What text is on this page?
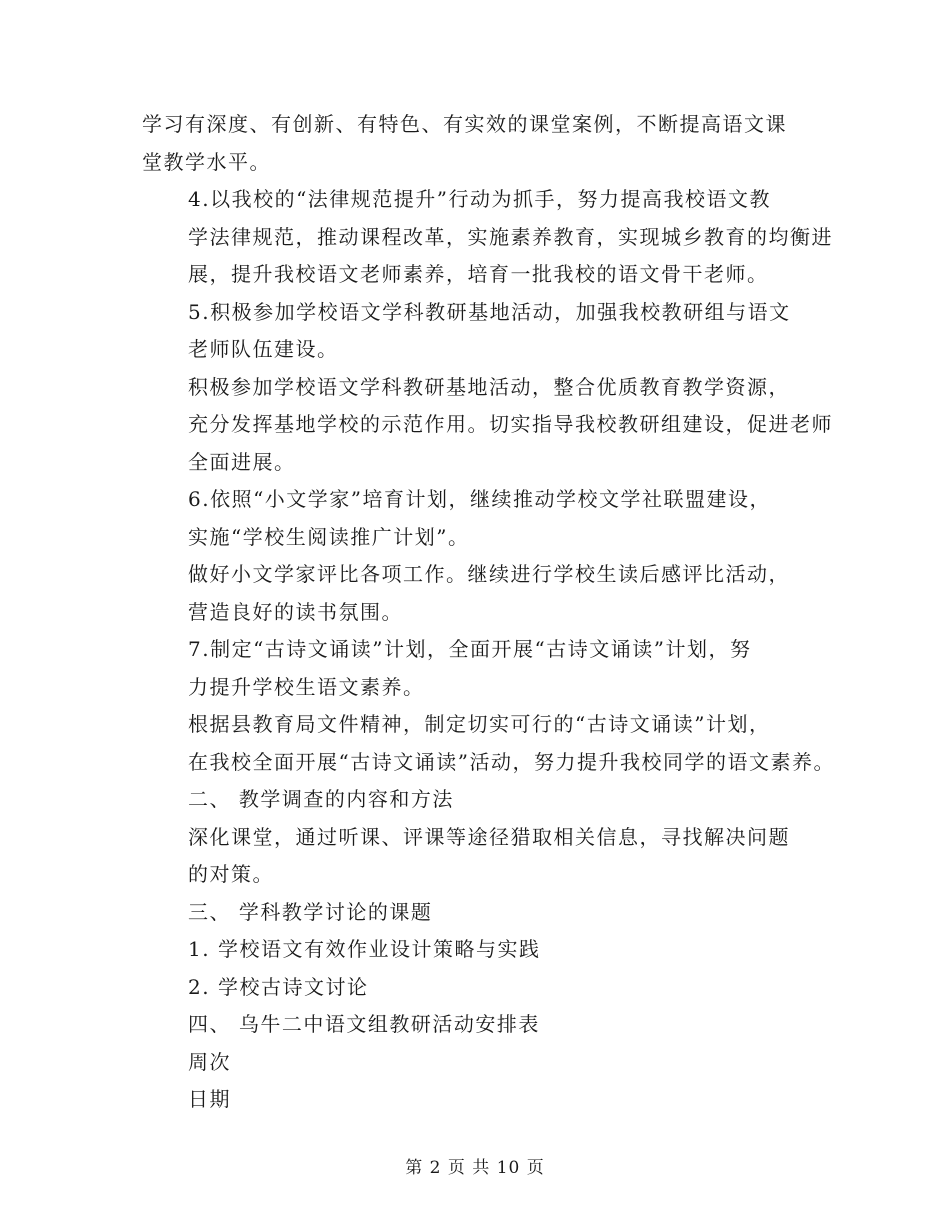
学习有深度、有创新、有特色、有实效的课堂案例，不断提高语文课
堂教学水平。
4.以我校的“法律规范提升”行动为抓手，努力提高我校语文教
学法律规范，推动课程改革，实施素养教育，实现城乡教育的均衡进
展，提升我校语文老师素养，培育一批我校的语文骨干老师。
5.积极参加学校语文学科教研基地活动，加强我校教研组与语文
老师队伍建设。
积极参加学校语文学科教研基地活动，整合优质教育教学资源，
充分发挥基地学校的示范作用。切实指导我校教研组建设，促进老师
全面进展。
6.依照“小文学家”培育计划，继续推动学校文学社联盟建设，
实施“学校生阅读推广计划”。
做好小文学家评比各项工作。继续进行学校生读后感评比活动，
营造良好的读书氛围。
7.制定“古诗文诵读”计划，全面开展“古诗文诵读”计划，努
力提升学校生语文素养。
根据县教育局文件精神，制定切实可行的“古诗文诵读”计划，
在我校全面开展“古诗文诵读”活动，努力提升我校同学的语文素养。
二、 教学调查的内容和方法
深化课堂，通过听课、评课等途径猎取相关信息，寻找解决问题
的对策。
三、 学科教学讨论的课题
1. 学校语文有效作业设计策略与实践
2. 学校古诗文讨论
四、 乌牛二中语文组教研活动安排表
周次
日期
第 2 页 共 10 页
